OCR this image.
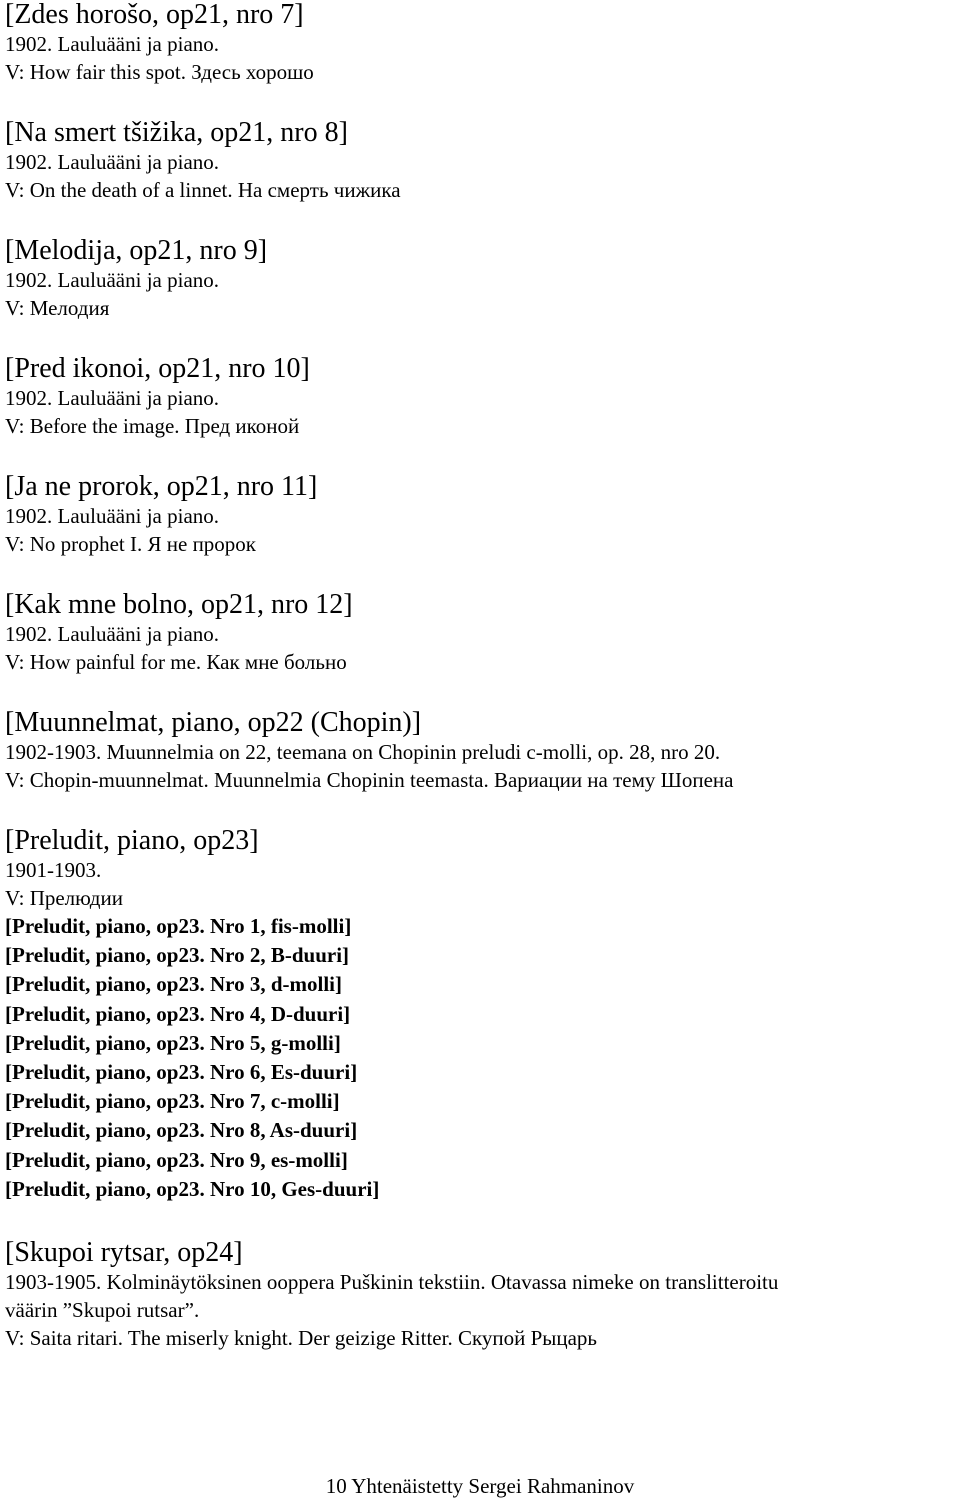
[Zdes horošo, op21, nro 7]
1902. Lauluääni ja piano.
V: How fair this spot. Здесь хорошо
[Na smert tšižika, op21, nro 8]
1902. Lauluääni ja piano.
V: On the death of a linnet. На смерть чижика
[Melodija, op21, nro 9]
1902. Lauluääni ja piano.
V: Мелодия
[Pred ikonoi, op21, nro 10]
1902. Lauluääni ja piano.
V: Before the image. Пред иконой
[Ja ne prorok, op21, nro 11]
1902. Lauluääni ja piano.
V: No prophet I. Я не пророк
[Kak mne bolno, op21, nro 12]
1902. Lauluääni ja piano.
V: How painful for me. Как мне больно
[Muunnelmat, piano, op22 (Chopin)]
1902-1903. Muunnelmia on 22, teemana on Chopinin preludi c-molli, op. 28, nro 20.
V: Chopin-muunnelmat. Muunnelmia Chopinin teemasta. Вариации на тему Шопена
[Preludit, piano, op23]
1901-1903.
V: Прелюдии
[Preludit, piano, op23. Nro 1, fis-molli]
[Preludit, piano, op23. Nro 2, B-duuri]
[Preludit, piano, op23. Nro 3, d-molli]
[Preludit, piano, op23. Nro 4, D-duuri]
[Preludit, piano, op23. Nro 5, g-molli]
[Preludit, piano, op23. Nro 6, Es-duuri]
[Preludit, piano, op23. Nro 7, c-molli]
[Preludit, piano, op23. Nro 8, As-duuri]
[Preludit, piano, op23. Nro 9, es-molli]
[Preludit, piano, op23. Nro 10, Ges-duuri]
[Skupoi rytsar, op24]
1903-1905. Kolminäytöksinen ooppera Puškinin tekstiin. Otavassa nimeke on translitteroitu
väärin ”Skupoi rutsar”.
V: Saita ritari. The miserly knight. Der geizige Ritter. Скупой Рыцарь
10 Yhtenäistetty Sergei Rahmaninov
